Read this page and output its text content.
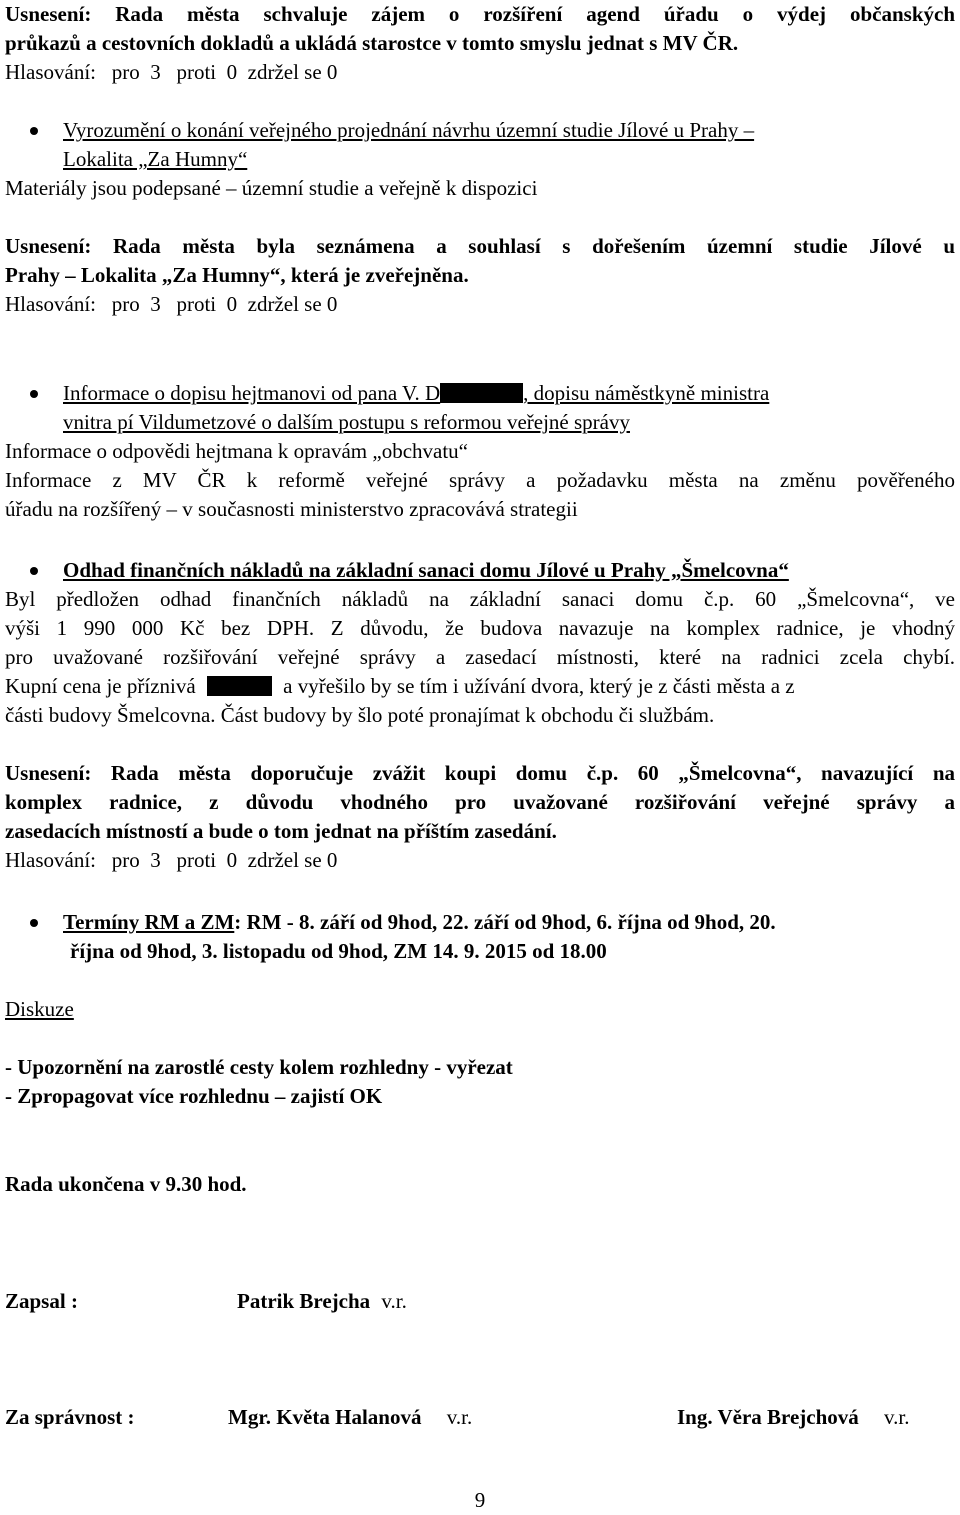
Usnesení: Rada města schvaluje zájem o rozšíření agend úřadu o výdej občanských
průkazů a cestovních dokladů a ukládá starostce v tomto smyslu jednat s MV ČR.
Hlasování:   pro  3   proti  0  zdržel se 0
Vyrozumění o konání veřejného projednání návrhu územní studie Jílové u Prahy –
Lokalita „Za Humny“
Materiály jsou podepsané – územní studie a veřejně k dispozici
Usnesení: Rada města byla seznámena a souhlasí s dořešením územní studie Jílové u
Prahy – Lokalita „Za Humny“, která je zveřejněna.
Hlasování:   pro  3   proti  0  zdržel se 0
Informace o dopisu hejtmanovi od pana V. D	, dopisu náměstkyně ministra
vnitra pí Vildumetzové o dalším postupu s reformou veřejné správy
Informace o odpovědi hejtmana k opravám „obchvatu“
Informace z MV ČR k reformě veřejné správy a požadavku města na změnu pověřeného
úřadu na rozšířený – v současnosti ministerstvo zpracovává strategii
Odhad finančních nákladů na základní sanaci domu Jílové u Prahy „Šmelcovna“
Byl předložen odhad finančních nákladů na základní sanaci domu č.p. 60 „Šmelcovna“, ve
výši 1 990 000 Kč bez DPH. Z důvodu, že budova navazuje na komplex radnice, je vhodný
pro uvažované rozšiřování veřejné správy a zasedací místnosti, které na radnici zcela chybí.
Kupní cena je příznivá	a vyřešilo by se tím i užívání dvora, který je z části města a z
části budovy Šmelcovna. Část budovy by šlo poté pronajímat k obchodu či službám.
Usnesení: Rada města doporučuje zvážit koupi domu č.p. 60 „Šmelcovna“, navazující na
komplex radnice, z důvodu vhodného pro uvažované rozšiřování veřejné správy a
zasedacích místností a bude o tom jednat na příštím zasedání.
Hlasování:   pro  3   proti  0  zdržel se 0
Termíny RM a ZM: RM - 8. září od 9hod, 22. září od 9hod, 6. října od 9hod, 20.
října od 9hod, 3. listopadu od 9hod, ZM 14. 9. 2015 od 18.00
Diskuze
- Upozornění na zarostlé cesty kolem rozhledny - vyřezat
- Zpropagovat více rozhlednu – zajistí OK
Rada ukončena v 9.30 hod.
Zapsal :	Patrik Brejcha v.r.
Za správnost :	Mgr. Květa Halanová v.r.	Ing. Věra Brejchová v.r.
9
